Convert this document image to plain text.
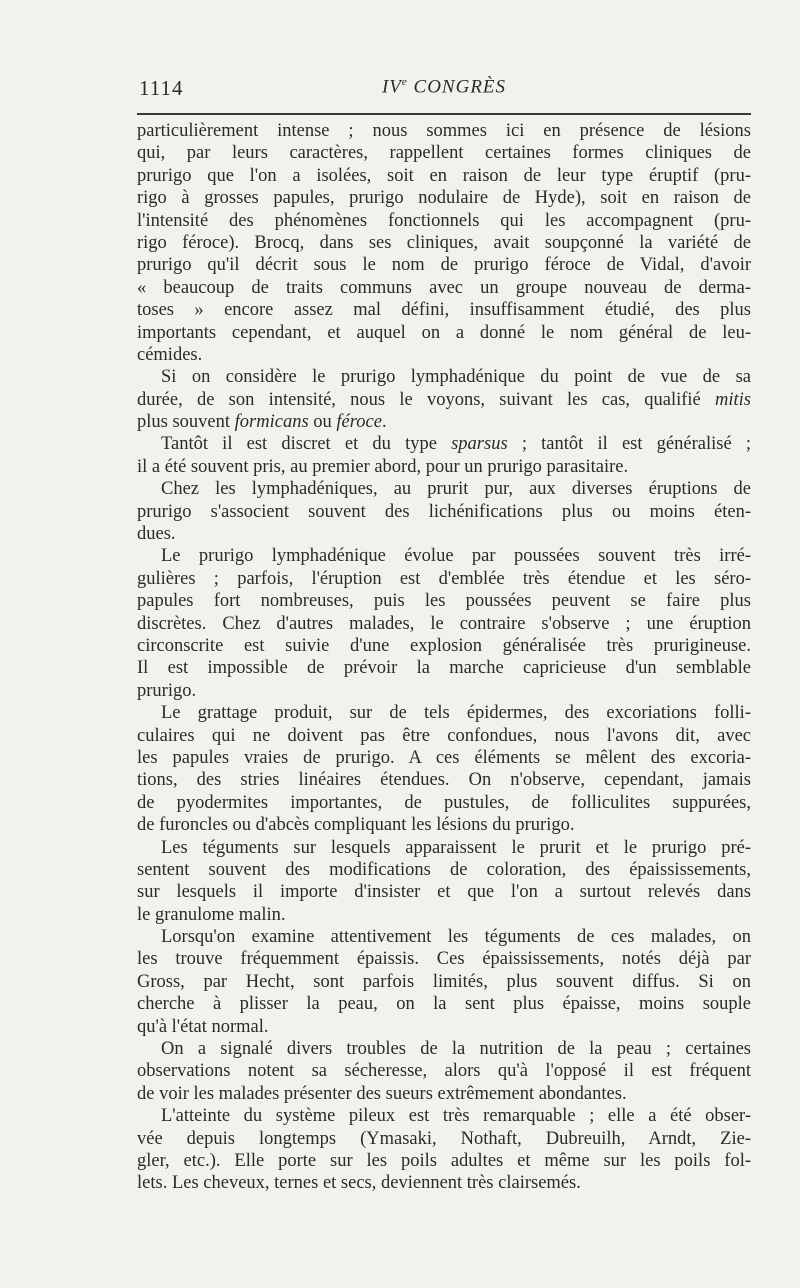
1114	IVe CONGRÈS
particulièrement intense ; nous sommes ici en présence de lésions
qui, par leurs caractères, rappellent certaines formes cliniques de
prurigo que l'on a isolées, soit en raison de leur type éruptif (pru-
rigo à grosses papules, prurigo nodulaire de Hyde), soit en raison de
l'intensité des phénomènes fonctionnels qui les accompagnent (pru-
rigo féroce). Brocq, dans ses cliniques, avait soupçonné la variété de
prurigo qu'il décrit sous le nom de prurigo féroce de Vidal, d'avoir
« beaucoup de traits communs avec un groupe nouveau de derma-
toses » encore assez mal défini, insuffisamment étudié, des plus
importants cependant, et auquel on a donné le nom général de leu-
cémides.
Si on considère le prurigo lymphadénique du point de vue de sa
durée, de son intensité, nous le voyons, suivant les cas, qualifié mitis
plus souvent formicans ou féroce.
Tantôt il est discret et du type sparsus ; tantôt il est généralisé ;
il a été souvent pris, au premier abord, pour un prurigo parasitaire.
Chez les lymphadéniques, au prurit pur, aux diverses éruptions de
prurigo s'associent souvent des lichénifications plus ou moins éten-
dues.
Le prurigo lymphadénique évolue par poussées souvent très irré-
gulières ; parfois, l'éruption est d'emblée très étendue et les séro-
papules fort nombreuses, puis les poussées peuvent se faire plus
discrètes. Chez d'autres malades, le contraire s'observe ; une éruption
circonscrite est suivie d'une explosion généralisée très prurigineuse.
Il est impossible de prévoir la marche capricieuse d'un semblable
prurigo.
Le grattage produit, sur de tels épidermes, des excoriations folli-
culaires qui ne doivent pas être confondues, nous l'avons dit, avec
les papules vraies de prurigo. A ces éléments se mêlent des excoria-
tions, des stries linéaires étendues. On n'observe, cependant, jamais
de pyodermites importantes, de pustules, de folliculites suppurées,
de furoncles ou d'abcès compliquant les lésions du prurigo.
Les téguments sur lesquels apparaissent le prurit et le prurigo pré-
sentent souvent des modifications de coloration, des épaississements,
sur lesquels il importe d'insister et que l'on a surtout relevés dans
le granulome malin.
Lorsqu'on examine attentivement les téguments de ces malades, on
les trouve fréquemment épaissis. Ces épaississements, notés déjà par
Gross, par Hecht, sont parfois limités, plus souvent diffus. Si on
cherche à plisser la peau, on la sent plus épaisse, moins souple
qu'à l'état normal.
On a signalé divers troubles de la nutrition de la peau ; certaines
observations notent sa sécheresse, alors qu'à l'opposé il est fréquent
de voir les malades présenter des sueurs extrêmement abondantes.
L'atteinte du système pileux est très remarquable ; elle a été obser-
vée depuis longtemps (Ymasaki, Nothaft, Dubreuilh, Arndt, Zie-
gler, etc.). Elle porte sur les poils adultes et même sur les poils fol-
lets. Les cheveux, ternes et secs, deviennent très clairsemés.
